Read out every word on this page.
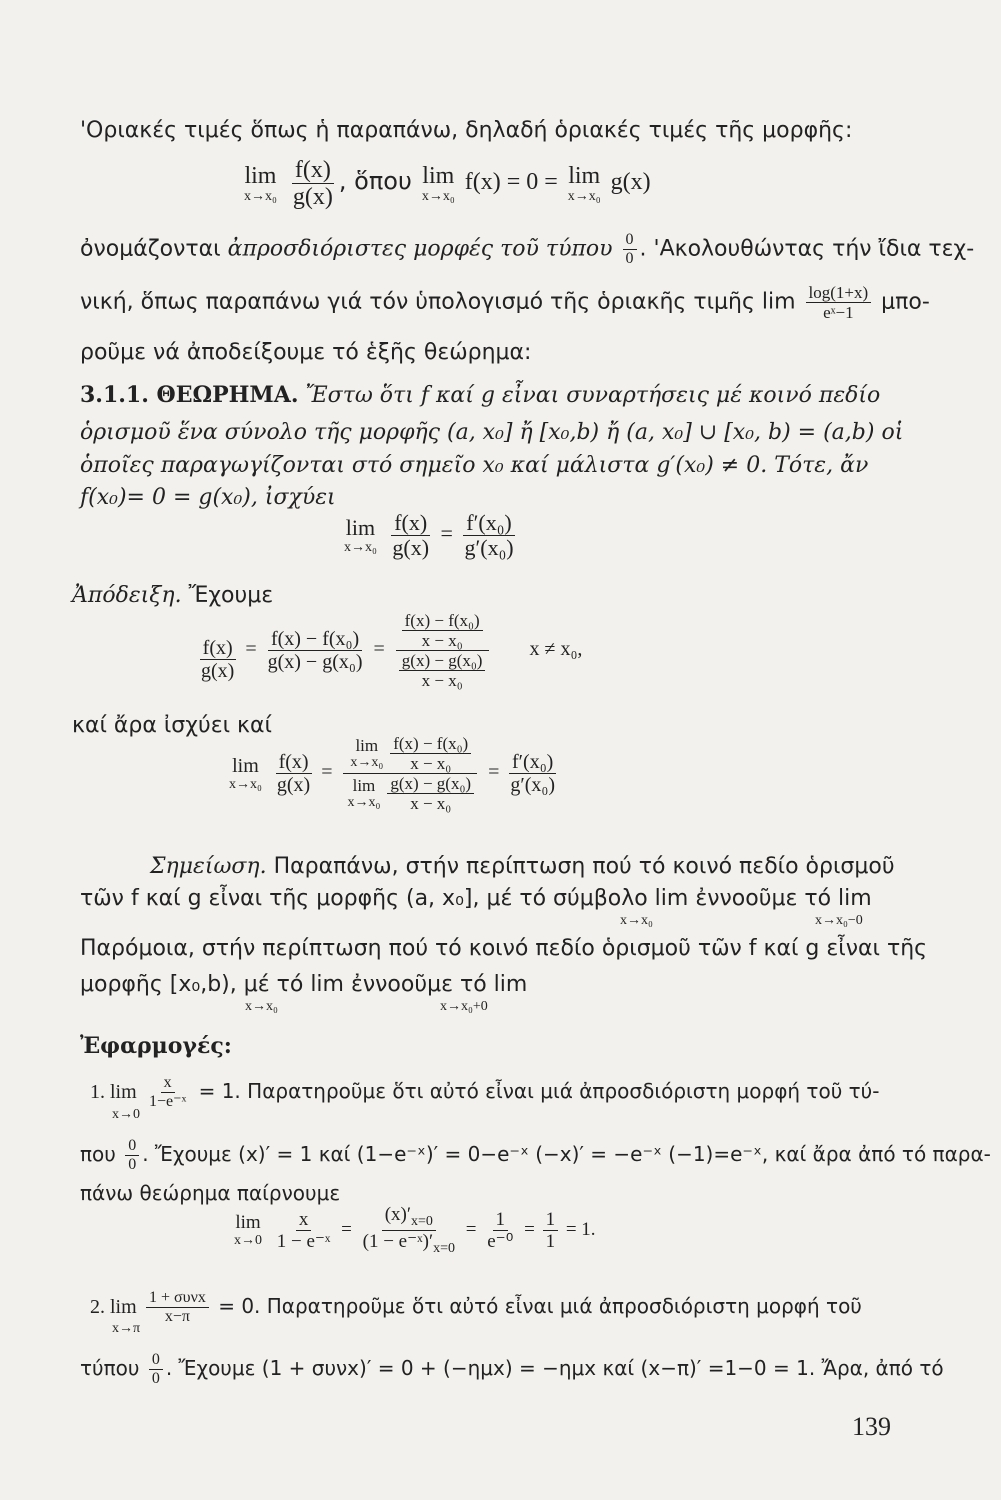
'Οριακές τιμές ὅπως ἡ παραπάνω, δηλαδή ὁριακές τιμές τῆς μορφῆς:
lim
x→x₀
$\frac{f(x)}{g(x)}$ , ὅπου lim
x→x₀
f(x) = 0 = lim
x→x₀
g(x)
ὀνομάζονται ἀπροσδιόριστες μορφές τοῦ τύπου $\frac{0}{0}$ . 'Ακολουθώντας τήν ἴδια τεχ-
νική, ὅπως παραπάνω γιά τόν ὑπολογισμό τῆς ὁριακῆς τιμῆς $\lim \frac{\log(1+x)}{\text{eˣ−1}} \mu\pi o-$
ροῦμε νά ἀποδείξουμε τό ἑξῆς θεώρημα:
3.1.1. ΘΕΩΡΗΜΑ. Ἔστω ὅτι f καί g εἶναι συναρτήσεις μέ κοινό πεδίο
ὁρισμοῦ ἕνα σύνολο τῆς μορφῆς (a, x₀] ἤ [x₀,b) ἤ (a, x₀] ∪ [x₀, b) = (a,b) οἱ
ὁποῖες παραγωγίζονται στό σημεῖο x₀ καί μάλιστα g′(x₀) ≠ 0. Τότε, ἄν
f(x₀)= 0 = g(x₀), ἰσχύει
lim
x→x₀
$\frac{f(x)}{g(x)} = \frac{\text{f′(x₀)}}{\text{g′(x₀)}}$
Ἀπόδειξη. Ἔχουμε
$\frac{f(x)}{g(x)} = \frac{\text{f(x) − f(x₀)}}{\text{g(x) − g(x₀)}} = \frac{\frac{\text{f(x) − f(x₀)}}{\text{x − x₀}}}{\frac{\text{g(x) − g(x₀)}}{\text{x − x₀}}}$ x ≠ x₀,
καί ἄρα ἰσχύει καί
lim
x→x₀
$\frac{f(x)}{g(x)} = \lim$
$x\to x_0 \frac{\text{f(x) − f(x₀)}}{\text{x − x₀}}$
lim
$x\to x_0 \frac{\text{g(x) − g(x₀)}}{\text{x − x₀}} = \frac{\text{f′(x₀)}}{\text{g′(x₀)}}$
Σημείωση. Παραπάνω, στήν περίπτωση πού τό κοινό πεδίο ὁρισμοῦ
τῶν f καί g εἶναι τῆς μορφῆς (a, x₀], μέ τό σύμβολο lim ἐννοοῦμε τό lim
x→x₀	x→x₀−0
Παρόμοια, στήν περίπτωση πού τό κοινό πεδίο ὁρισμοῦ τῶν f καί g εἶναι τῆς
μορφῆς [x₀,b), μέ τό lim ἐννοοῦμε τό lim
x→x₀	x→x₀+0
Ἐφαρμογές:
1. $\lim \frac{x}{\text{1−e⁻ˣ}} = 1$. Παρατηροῦμε ὅτι αὐτό εἶναι μιά ἀπροσδιόριστη μορφή τοῦ τύ-
x→0
που $\frac{0}{0}$ . Ἔχουμε (x)′ = 1 καί (1−e⁻ˣ)′ = 0−e⁻ˣ (−x)′ = −e⁻ˣ (−1)=e⁻ˣ, καί ἄρα ἀπό τό παρα-
πάνω θεώρημα παίρνουμε
lim
x→0
$\frac{x}{\text{1 − e⁻ˣ}} = \frac{(x)'_{x=0}}{(1 - e^-ˣ)'_{x=0}} = \frac{1}{\text{e⁻⁰}} = \frac{1}{1} = 1$.
2. $\lim \frac{\text{1 + συνx}}{x-\pi} = 0$. Παρατηροῦμε ὅτι αὐτό εἶναι μιά ἀπροσδιόριστη μορφή τοῦ
x→π
τύπου $\frac{0}{0}$ . Ἔχουμε (1 + συνx)′ = 0 + (−ημx) = −ημx καί (x−π)′ =1−0 = 1. Ἄρα, ἀπό τό
139
